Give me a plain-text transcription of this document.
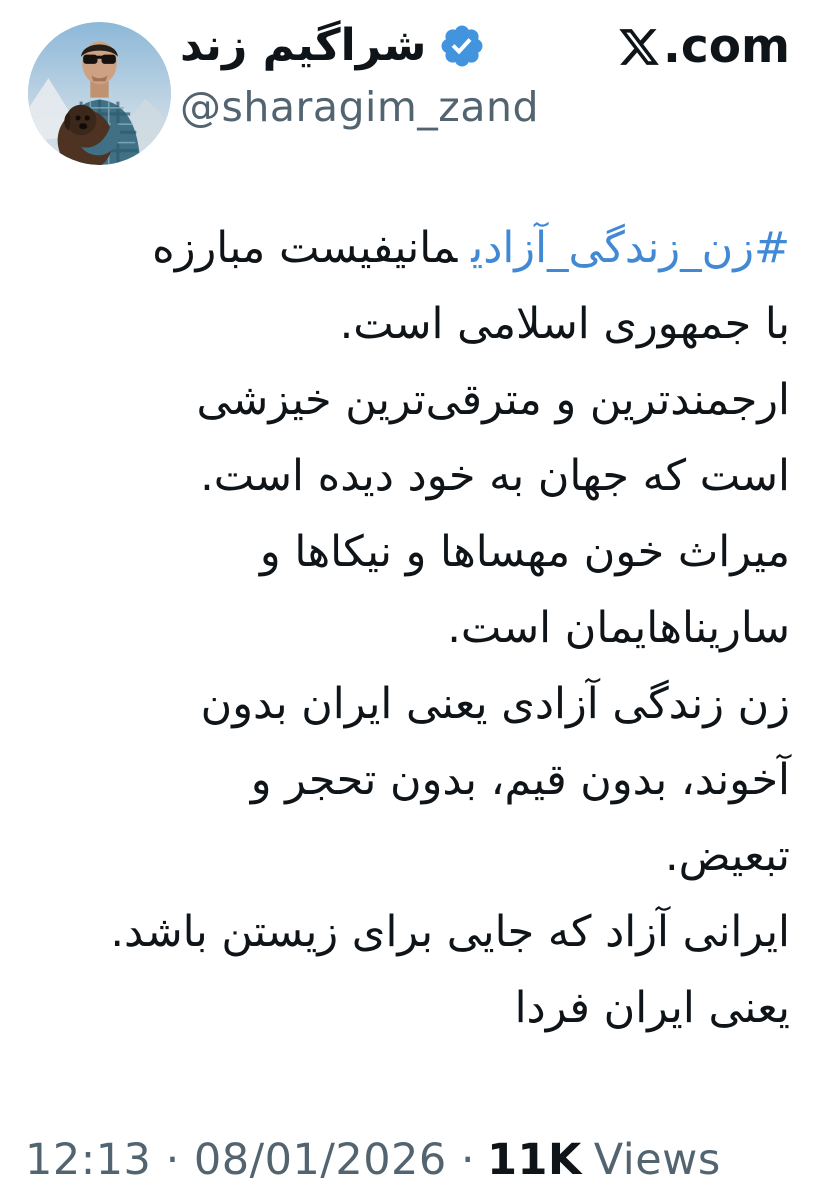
شراگیم زند
@sharagim_zand
.com
#زن_زندگی_آزادیمانیفیست مبارزه
با جمهوری اسلامی است.
ارجمندترین و مترقی‌ترین خیزشی
است که جهان به خود دیده است.
میراث خون مهساها و نیکاها و
ساریناهایمان است.
زن زندگی آزادی یعنی ایران بدون
آخوند، بدون قیم، بدون تحجر و
تبعیض.
ایرانی آزاد که جایی برای زیستن باشد.
یعنی ایران فردا
12:13 · 08/01/2026 · 11K Views
